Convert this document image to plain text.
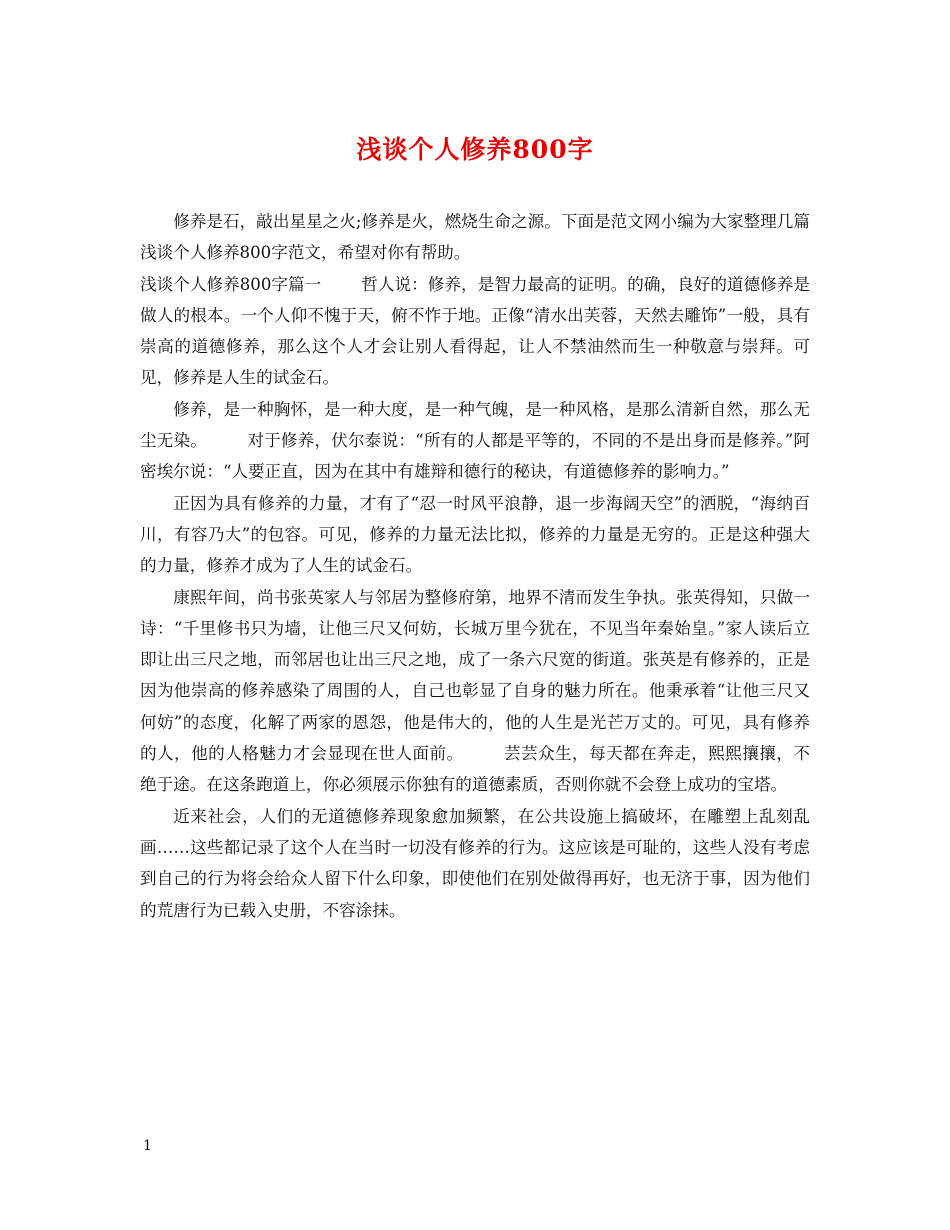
浅谈个人修养800字

修养是石，敲出星星之火;修养是火，燃烧生命之源。下面是范文网小编为大家整理几篇浅谈个人修养800字范文，希望对你有帮助。

浅谈个人修养800字篇一 哲人说：修养，是智力最高的证明。的确，良好的道德修养是做人的根本。一个人仰不愧于天，俯不怍于地。正像“清水出芙蓉，天然去雕饰”一般，具有崇高的道德修养，那么这个人才会让别人看得起，让人不禁油然而生一种敬意与崇拜。可见，修养是人生的试金石。

修养，是一种胸怀，是一种大度，是一种气魄，是一种风格，是那么清新自然，那么无尘无染。 对于修养，伏尔泰说：“所有的人都是平等的，不同的不是出身而是修养。”阿密埃尔说：“人要正直，因为在其中有雄辩和德行的秘诀，有道德修养的影响力。”

正因为具有修养的力量，才有了“忍一时风平浪静，退一步海阔天空”的洒脱，“海纳百川，有容乃大”的包容。可见，修养的力量无法比拟，修养的力量是无穷的。正是这种强大的力量，修养才成为了人生的试金石。

康熙年间，尚书张英家人与邻居为整修府第，地界不清而发生争执。张英得知，只做一诗：“千里修书只为墙，让他三尺又何妨，长城万里今犹在，不见当年秦始皇。”家人读后立即让出三尺之地，而邻居也让出三尺之地，成了一条六尺宽的街道。张英是有修养的，正是因为他崇高的修养感染了周围的人，自己也彰显了自身的魅力所在。他秉承着“让他三尺又何妨”的态度，化解了两家的恩怨，他是伟大的，他的人生是光芒万丈的。可见，具有修养的人，他的人格魅力才会显现在世人面前。 芸芸众生，每天都在奔走，熙熙攘攘，不绝于途。在这条跑道上，你必须展示你独有的道德素质，否则你就不会登上成功的宝塔。

近来社会，人们的无道德修养现象愈加频繁，在公共设施上搞破坏，在雕塑上乱刻乱画……这些都记录了这个人在当时一切没有修养的行为。这应该是可耻的，这些人没有考虑到自己的行为将会给众人留下什么印象，即使他们在别处做得再好，也无济于事，因为他们的荒唐行为已载入史册，不容涂抹。

1
